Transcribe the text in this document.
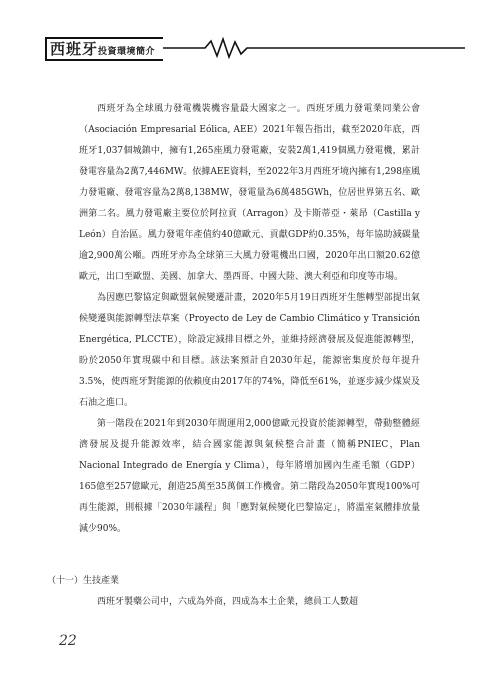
西班牙投資環境簡介

西班牙為全球風力發電機裝機容量最大國家之一。西班牙風力發電業同業公會（Asociación Empresarial Eólica, AEE）2021年報告指出，截至2020年底，西班牙1,037個城鎮中，擁有1,265座風力發電廠，安裝2萬1,419個風力發電機，累計發電容量為2萬7,446MW。依據AEE資料，至2022年3月西班牙境內擁有1,298座風力發電廠、發電容量為2萬8,138MW，發電量為6萬485GWh，位居世界第五名、歐洲第二名。風力發電廠主要位於阿拉貢（Arragon）及卡斯蒂亞・萊昂（Castilla y León）自治區。風力發電年產值約40億歐元、貢獻GDP約0.35%，每年協助減碳量逾2,900萬公噸。西班牙亦為全球第三大風力發電機出口國，2020年出口額20.62億歐元，出口至歐盟、美國、加拿大、墨西哥、中國大陸、澳大利亞和印度等市場。

為因應巴黎協定與歐盟氣候變遷計畫，2020年5月19日西班牙生態轉型部提出氣候變遷與能源轉型法草案（Proyecto de Ley de Cambio Climático y Transición Energética, PLCCTE），除設定減排目標之外，並維持經濟發展及促進能源轉型，盼於2050年實現碳中和目標。該法案預計自2030年起，能源密集度於每年提升3.5%，使西班牙對能源的依賴度由2017年的74%，降低至61%，並逐步減少煤炭及石油之進口。

第一階段在2021年到2030年間運用2,000億歐元投資於能源轉型，帶動整體經濟發展及提升能源效率，結合國家能源與氣候整合計畫（簡稱PNIEC，Plan Nacional Integrado de Energía y Clima），每年將增加國內生產毛額（GDP）165億至257億歐元，創造25萬至35萬個工作機會。第二階段為2050年實現100%可再生能源，則根據「2030年議程」與「應對氣候變化巴黎協定」，將溫室氣體排放量減少90%。

（十一）生技產業

西班牙製藥公司中，六成為外商，四成為本土企業，總員工人數超

22
